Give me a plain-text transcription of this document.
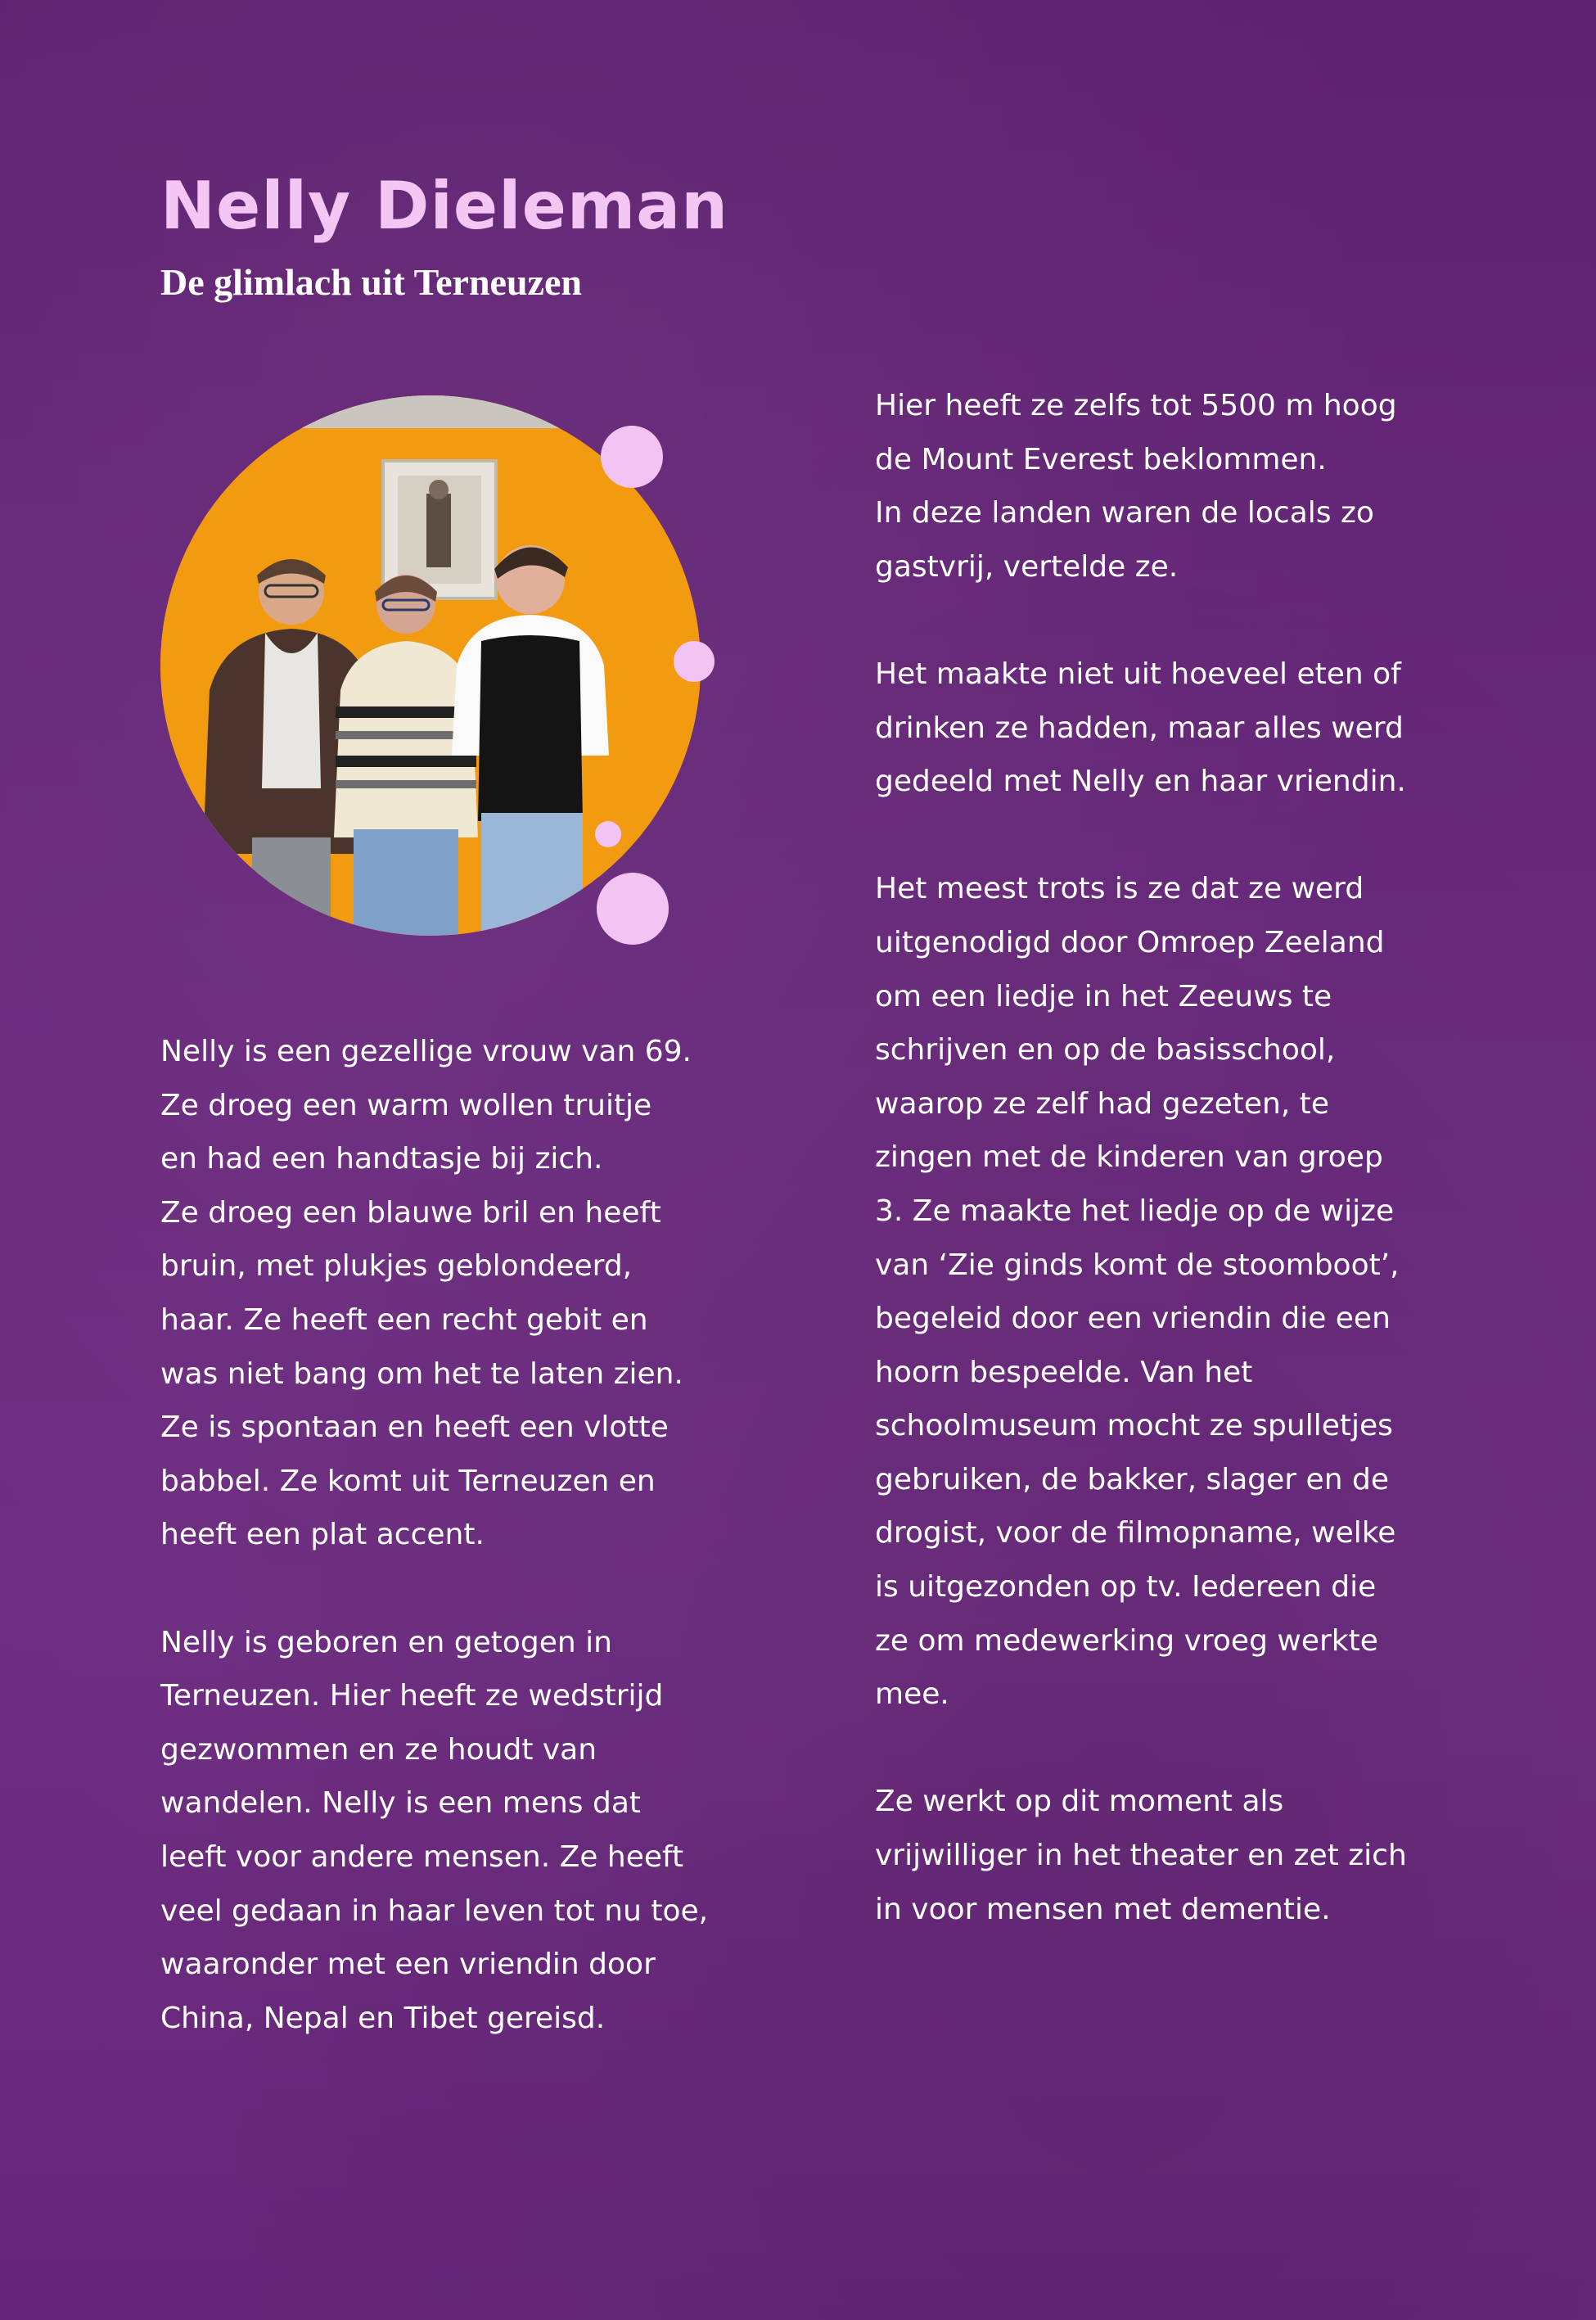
Nelly Dieleman
De glimlach uit Terneuzen

Nelly is een gezellige vrouw van 69.
Ze droeg een warm wollen truitje
en had een handtasje bij zich.
Ze droeg een blauwe bril en heeft
bruin, met plukjes geblondeerd,
haar. Ze heeft een recht gebit en
was niet bang om het te laten zien.
Ze is spontaan en heeft een vlotte
babbel. Ze komt uit Terneuzen en
heeft een plat accent.

Nelly is geboren en getogen in
Terneuzen. Hier heeft ze wedstrijd
gezwommen en ze houdt van
wandelen. Nelly is een mens dat
leeft voor andere mensen. Ze heeft
veel gedaan in haar leven tot nu toe,
waaronder met een vriendin door
China, Nepal en Tibet gereisd.

Hier heeft ze zelfs tot 5500 m hoog
de Mount Everest beklommen.
In deze landen waren de locals zo
gastvrij, vertelde ze.

Het maakte niet uit hoeveel eten of
drinken ze hadden, maar alles werd
gedeeld met Nelly en haar vriendin.

Het meest trots is ze dat ze werd
uitgenodigd door Omroep Zeeland
om een liedje in het Zeeuws te
schrijven en op de basisschool,
waarop ze zelf had gezeten, te
zingen met de kinderen van groep
3. Ze maakte het liedje op de wijze
van ‘Zie ginds komt de stoomboot’,
begeleid door een vriendin die een
hoorn bespeelde. Van het
schoolmuseum mocht ze spulletjes
gebruiken, de bakker, slager en de
drogist, voor de filmopname, welke
is uitgezonden op tv. Iedereen die
ze om medewerking vroeg werkte
mee.

Ze werkt op dit moment als
vrijwilliger in het theater en zet zich
in voor mensen met dementie.
